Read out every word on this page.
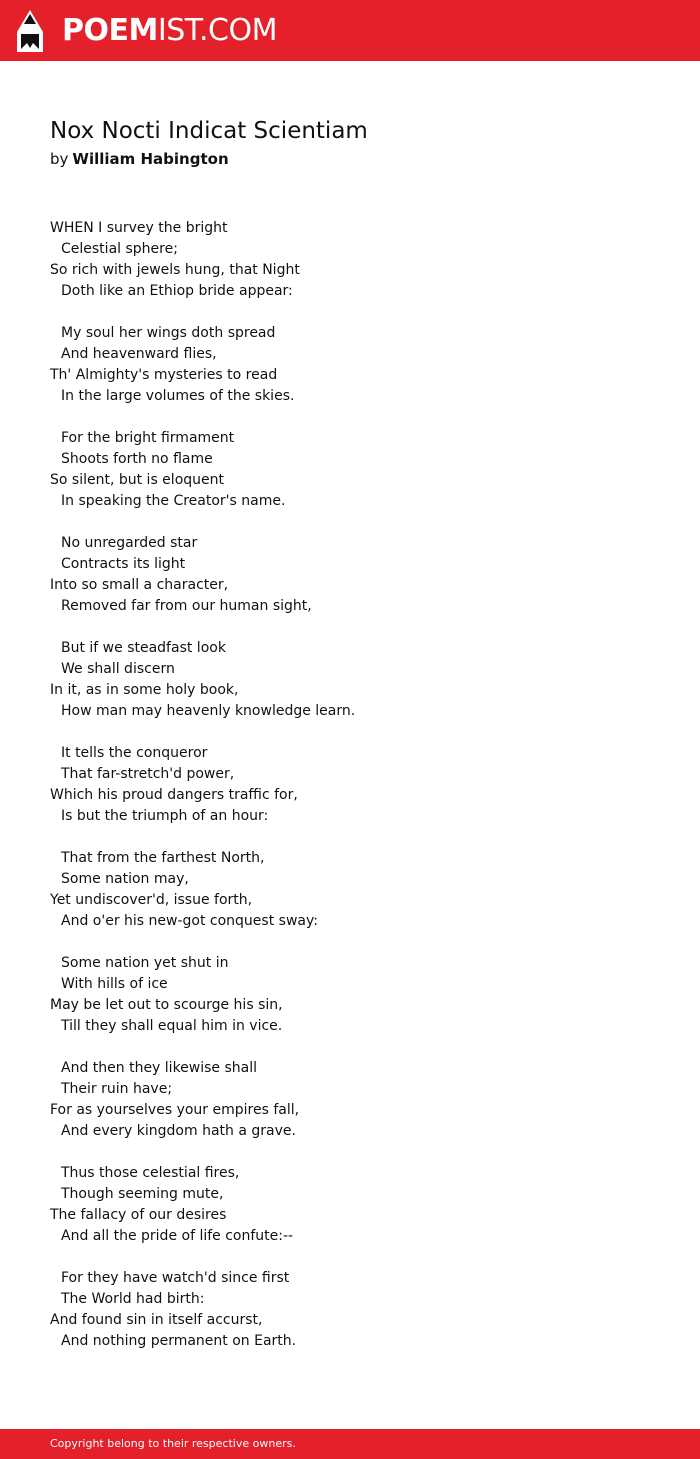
POEMIST.COM
Nox Nocti Indicat Scientiam
by William Habington
WHEN I survey the bright
Celestial sphere;
So rich with jewels hung, that Night
Doth like an Ethiop bride appear:
My soul her wings doth spread
And heavenward flies,
Th' Almighty's mysteries to read
In the large volumes of the skies.
For the bright firmament
Shoots forth no flame
So silent, but is eloquent
In speaking the Creator's name.
No unregarded star
Contracts its light
Into so small a character,
Removed far from our human sight,
But if we steadfast look
We shall discern
In it, as in some holy book,
How man may heavenly knowledge learn.
It tells the conqueror
That far-stretch'd power,
Which his proud dangers traffic for,
Is but the triumph of an hour:
That from the farthest North,
Some nation may,
Yet undiscover'd, issue forth,
And o'er his new-got conquest sway:
Some nation yet shut in
With hills of ice
May be let out to scourge his sin,
Till they shall equal him in vice.
And then they likewise shall
Their ruin have;
For as yourselves your empires fall,
And every kingdom hath a grave.
Thus those celestial fires,
Though seeming mute,
The fallacy of our desires
And all the pride of life confute:--
For they have watch'd since first
The World had birth:
And found sin in itself accurst,
And nothing permanent on Earth.
Copyright belong to their respective owners.
